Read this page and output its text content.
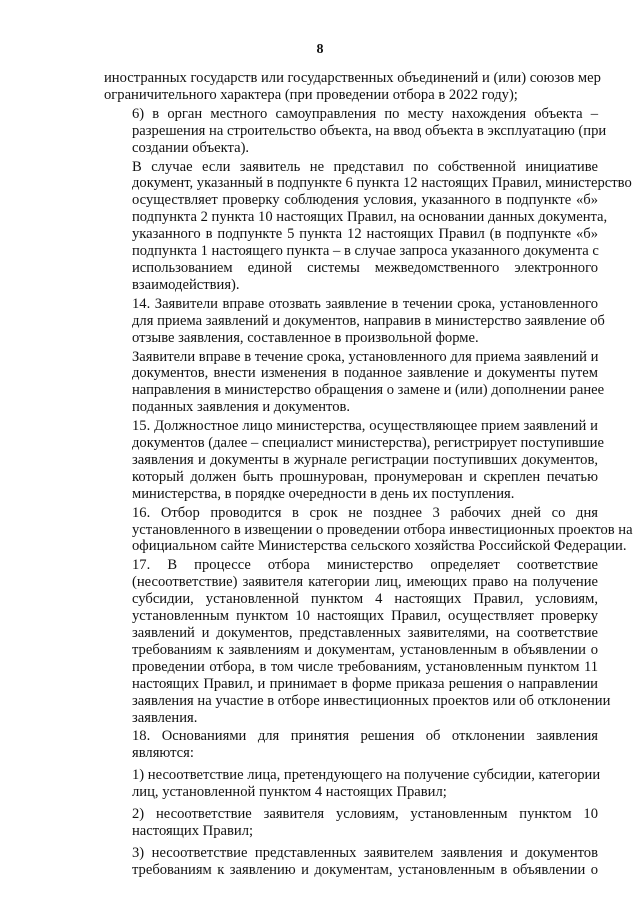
8

иностранных государств или государственных объединений и (или) союзов мер
ограничительного характера (при проведении отбора в 2022 году);

6) в орган местного самоуправления по месту нахождения объекта –
разрешения на строительство объекта, на ввод объекта в эксплуатацию (при
создании объекта).

В случае если заявитель не представил по собственной инициативе
документ, указанный в подпункте 6 пункта 12 настоящих Правил, министерство
осуществляет проверку соблюдения условия, указанного в подпункте «б»
подпункта 2 пункта 10 настоящих Правил, на основании данных документа,
указанного в подпункте 5 пункта 12 настоящих Правил (в подпункте «б»
подпункта 1 настоящего пункта – в случае запроса указанного документа с
использованием единой системы межведомственного электронного
взаимодействия).

14. Заявители вправе отозвать заявление в течении срока, установленного
для приема заявлений и документов, направив в министерство заявление об
отзыве заявления, составленное в произвольной форме.

Заявители вправе в течение срока, установленного для приема заявлений и
документов, внести изменения в поданное заявление и документы путем
направления в министерство обращения о замене и (или) дополнении ранее
поданных заявления и документов.

15. Должностное лицо министерства, осуществляющее прием заявлений и
документов (далее – специалист министерства), регистрирует поступившие
заявления и документы в журнале регистрации поступивших документов,
который должен быть прошнурован, пронумерован и скреплен печатью
министерства, в порядке очередности в день их поступления.

16. Отбор проводится в срок не позднее 3 рабочих дней со дня
установленного в извещении о проведении отбора инвестиционных проектов на
официальном сайте Министерства сельского хозяйства Российской Федерации.

17. В процессе отбора министерство определяет соответствие
(несоответствие) заявителя категории лиц, имеющих право на получение
субсидии, установленной пунктом 4 настоящих Правил, условиям,
установленным пунктом 10 настоящих Правил, осуществляет проверку
заявлений и документов, представленных заявителями, на соответствие
требованиям к заявлениям и документам, установленным в объявлении о
проведении отбора, в том числе требованиям, установленным пунктом 11
настоящих Правил, и принимает в форме приказа решения о направлении
заявления на участие в отборе инвестиционных проектов или об отклонении
заявления.

18. Основаниями для принятия решения об отклонении заявления
являются:

1) несоответствие лица, претендующего на получение субсидии, категории
лиц, установленной пунктом 4 настоящих Правил;

2) несоответствие заявителя условиям, установленным пунктом 10
настоящих Правил;

3) несоответствие представленных заявителем заявления и документов
требованиям к заявлению и документам, установленным в объявлении о
